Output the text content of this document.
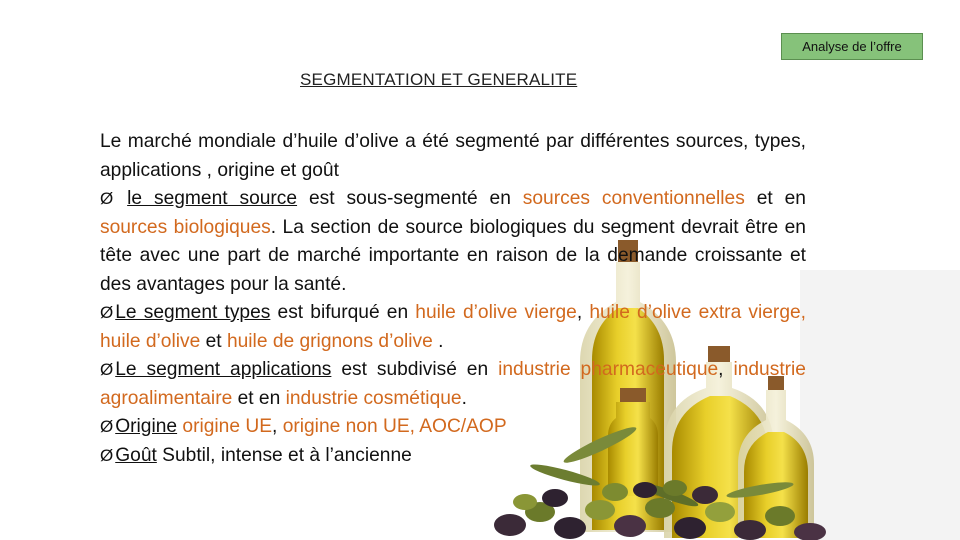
Analyse de l’offre
SEGMENTATION ET GENERALITE

Le marché mondiale d’huile d’olive a été segmenté par différentes sources, types, applications , origine et goût

Ø le segment source est sous-segmenté en sources conventionnelles et en sources biologiques. La section de source biologiques du segment devrait être en tête avec une part de marché importante en raison de la demande croissante et des avantages pour la santé.

Ø Le segment types est bifurqué en huile d’olive vierge, huile d’olive extra vierge, huile d’olive et huile de grignons d’olive .

Ø Le segment applications est subdivisé en industrie pharmaceutique, industrie agroalimentaire et en industrie cosmétique.

Ø Origine origine UE, origine non UE, AOC/AOP

Ø Goût Subtil, intense et à l’ancienne
